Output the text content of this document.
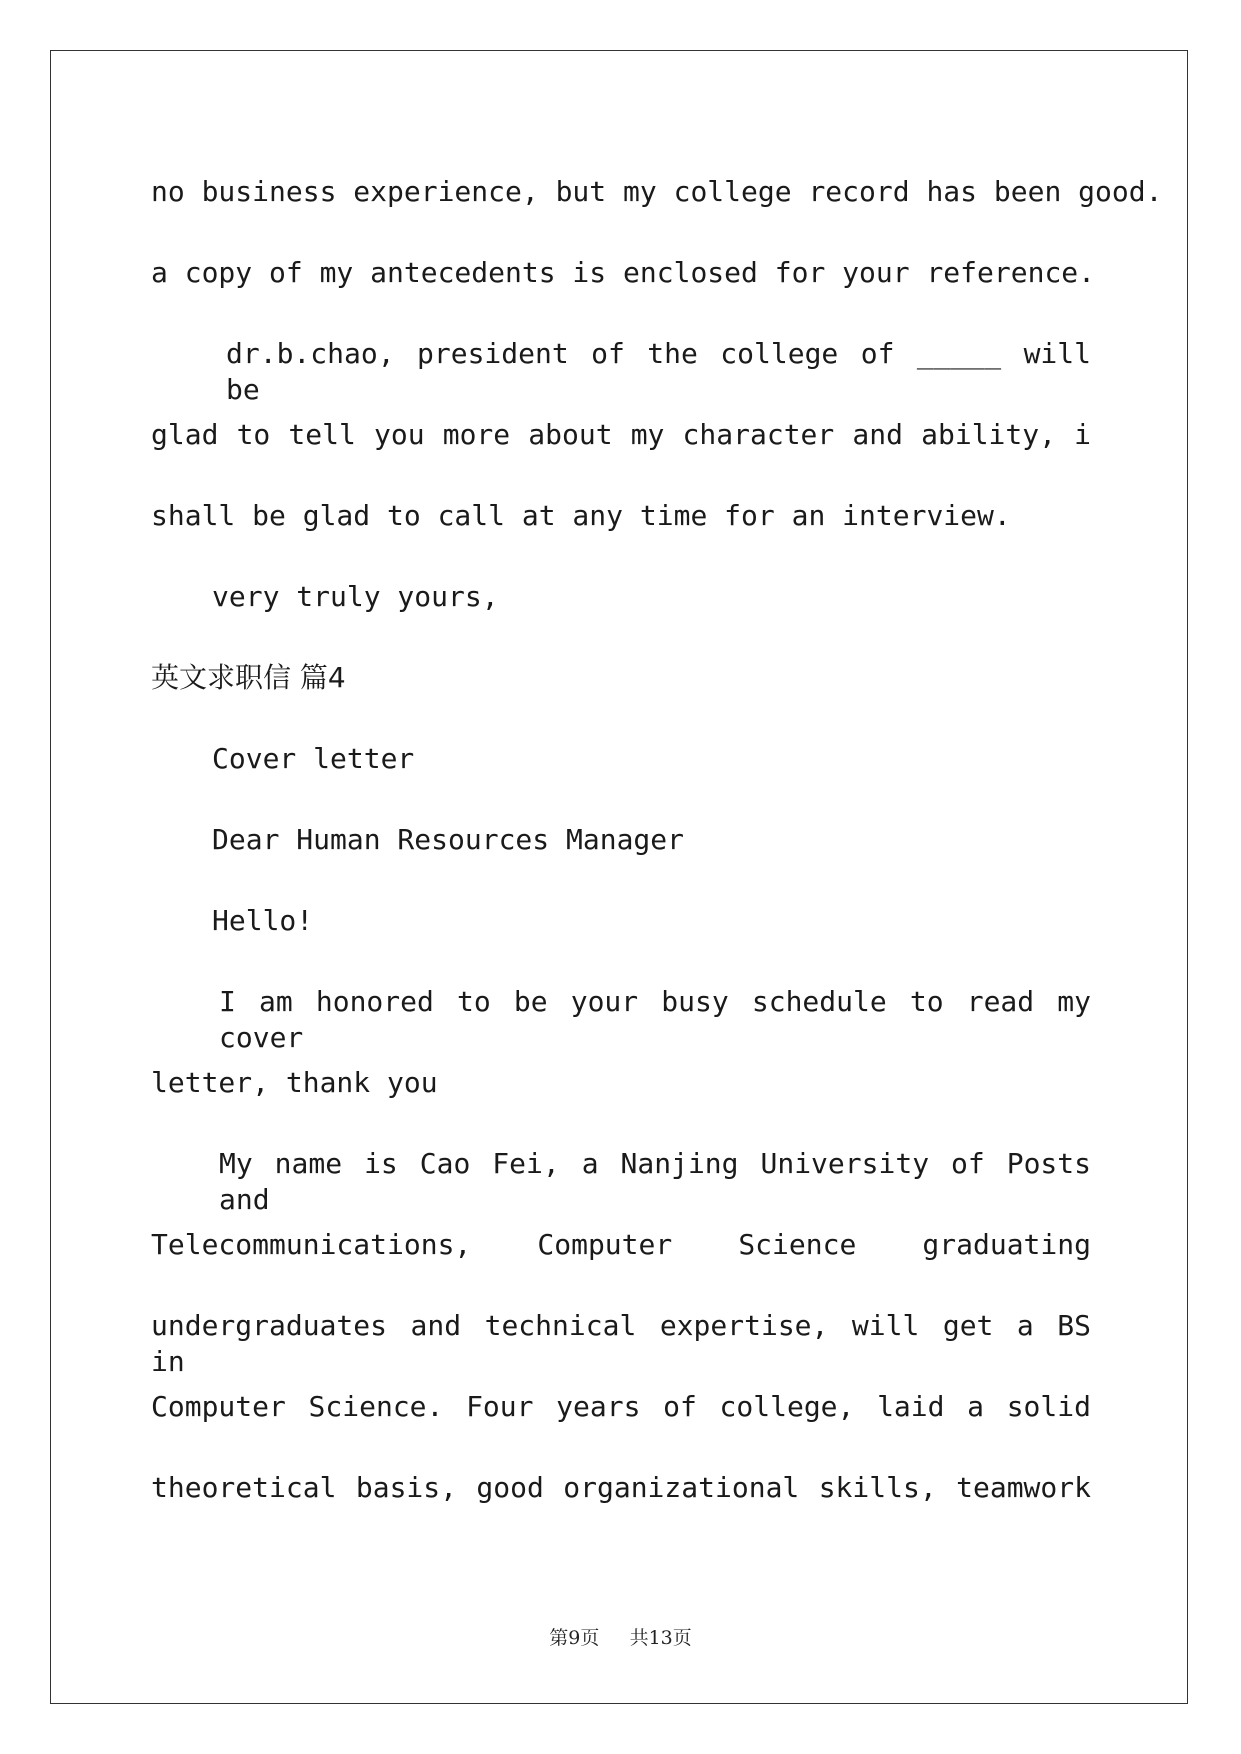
no business experience, but my college record has been good.

a copy of my antecedents is enclosed for your reference.

dr.b.chao, president of the college of _____ will be

glad to tell you more about my character and ability, i

shall be glad to call at any time for an interview.

very truly yours,

英文求职信 篇4

Cover letter

Dear Human Resources Manager

Hello!

I am honored to be your busy schedule to read my cover

letter, thank you

My name is Cao Fei, a Nanjing University of Posts and

Telecommunications, Computer Science graduating

undergraduates and technical expertise, will get a BS in

Computer Science. Four years of college, laid a solid

theoretical basis, good organizational skills, teamwork

第9页 共13页
